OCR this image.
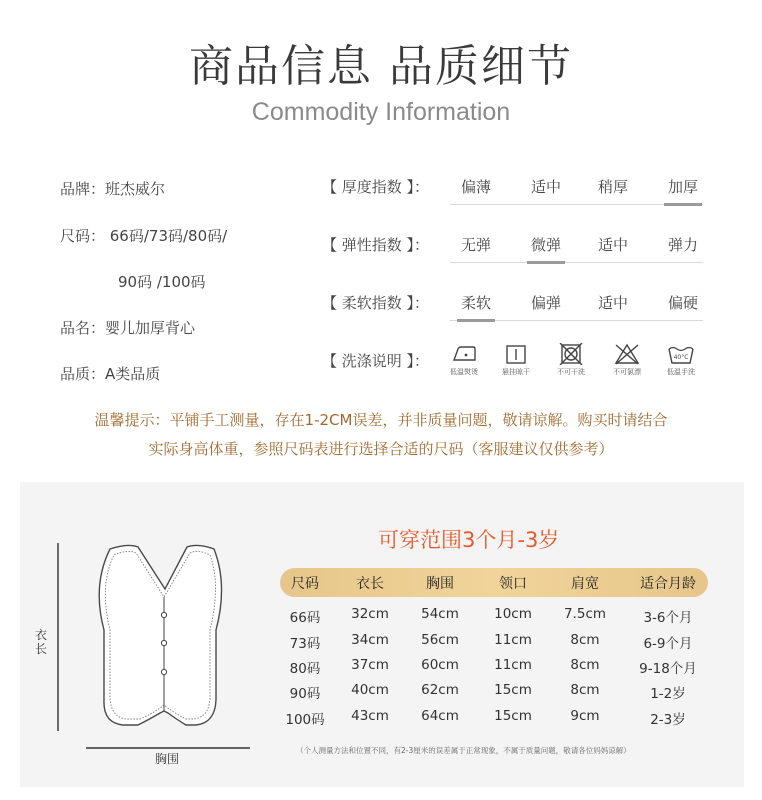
商品信息 品质细节
Commodity Information
品牌：班杰威尔
尺码： 66码/73码/80码/
90码 /100码
品名：婴儿加厚背心
品质：A类品质
【 厚度指数 】：	偏薄	适中	稍厚	加厚
【 弹性指数 】：	无弹	微弹	适中	弹力
【 柔软指数 】：	柔软	偏弹	适中	偏硬
【 洗涤说明 】：
低温熨烫	悬挂晾干	不可干洗	不可氯漂
40°C
低温手洗
温馨提示：平铺手工测量，存在1-2CM误差，并非质量问题，敬请谅解。购买时请结合
实际身高体重，参照尺码表进行选择合适的尺码（客服建议仅供参考）
衣长
胸围
可穿范围3个月-3岁
尺码	衣长	胸围	领口	肩宽	适合月龄
66码	32cm	54cm	10cm	7.5cm	3-6个月
73码	34cm	56cm	11cm	8cm	6-9个月
80码	37cm	60cm	11cm	8cm	9-18个月
90码	40cm	62cm	15cm	8cm	1-2岁
100码	43cm	64cm	15cm	9cm	2-3岁
（个人测量方法和位置不同，有2-3厘米的误差属于正常现象，不属于质量问题，敬请各位妈妈谅解）
